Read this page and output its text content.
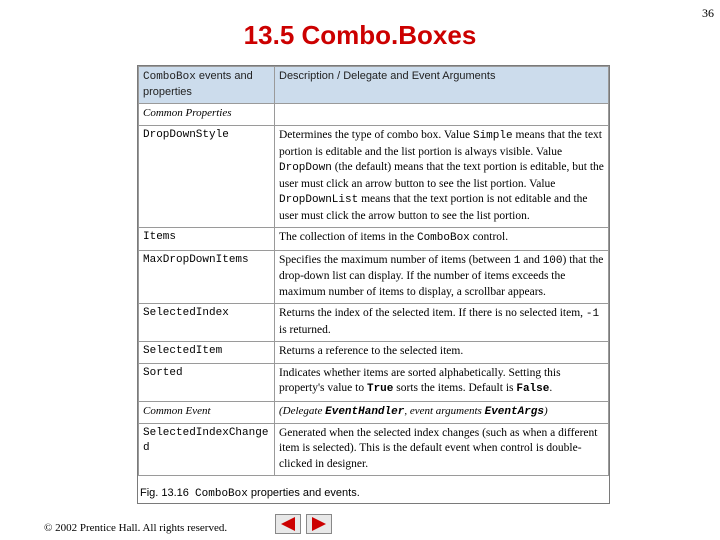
36
13.5 Combo.Boxes
ComboBox events and properties	Description / Delegate and Event Arguments
Common Properties	
DropDownStyle	Determines the type of combo box. Value Simple means that the text portion is editable and the list portion is always visible. Value DropDown (the default) means that the text portion is editable, but the user must click an arrow button to see the list portion. Value DropDownList means that the text portion is not editable and the user must click the arrow button to see the list portion.
Items	The collection of items in the ComboBox control.
MaxDropDownItems	Specifies the maximum number of items (between 1 and 100) that the drop-down list can display. If the number of items exceeds the maximum number of items to display, a scrollbar appears.
SelectedIndex	Returns the index of the selected item. If there is no selected item, -1 is returned.
SelectedItem	Returns a reference to the selected item.
Sorted	Indicates whether items are sorted alphabetically. Setting this property's value to True sorts the items. Default is False.
Common Event	(Delegate EventHandler, event arguments EventArgs)
SelectedIndexChanged	Generated when the selected index changes (such as when a different item is selected). This is the default event when control is double-clicked in designer.
Fig. 13.16 ComboBox properties and events.
© 2002 Prentice Hall. All rights reserved.
